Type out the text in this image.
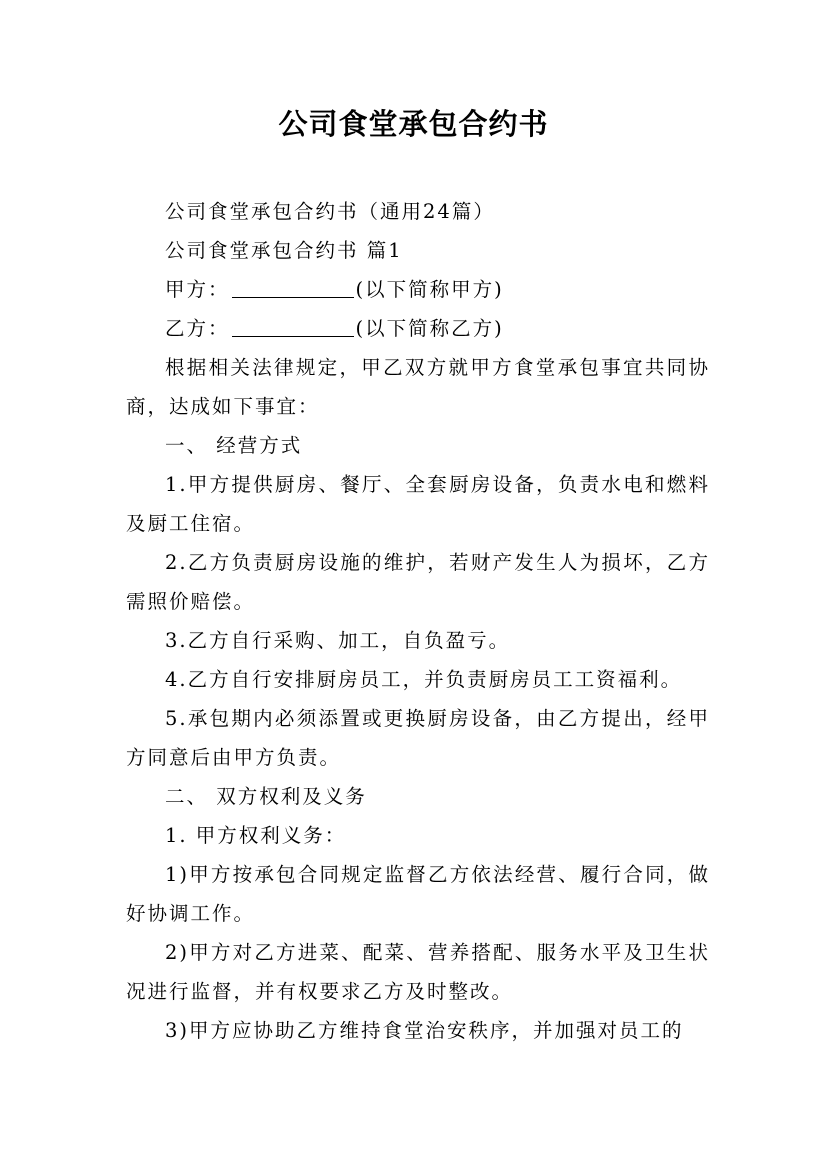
公司食堂承包合约书

公司食堂承包合约书（通用24篇）

公司食堂承包合约书 篇1

甲方：	(以下简称甲方)

乙方：	(以下简称乙方)

根据相关法律规定，甲乙双方就甲方食堂承包事宜共同协商，达成如下事宜：

一、 经营方式

1.甲方提供厨房、餐厅、全套厨房设备，负责水电和燃料及厨工住宿。

2.乙方负责厨房设施的维护，若财产发生人为损坏，乙方需照价赔偿。

3.乙方自行采购、加工，自负盈亏。

4.乙方自行安排厨房员工，并负责厨房员工工资福利。

5.承包期内必须添置或更换厨房设备，由乙方提出，经甲方同意后由甲方负责。

二、 双方权利及义务

1. 甲方权利义务：

1)甲方按承包合同规定监督乙方依法经营、履行合同，做好协调工作。

2)甲方对乙方进菜、配菜、营养搭配、服务水平及卫生状况进行监督，并有权要求乙方及时整改。

3)甲方应协助乙方维持食堂治安秩序，并加强对员工的
